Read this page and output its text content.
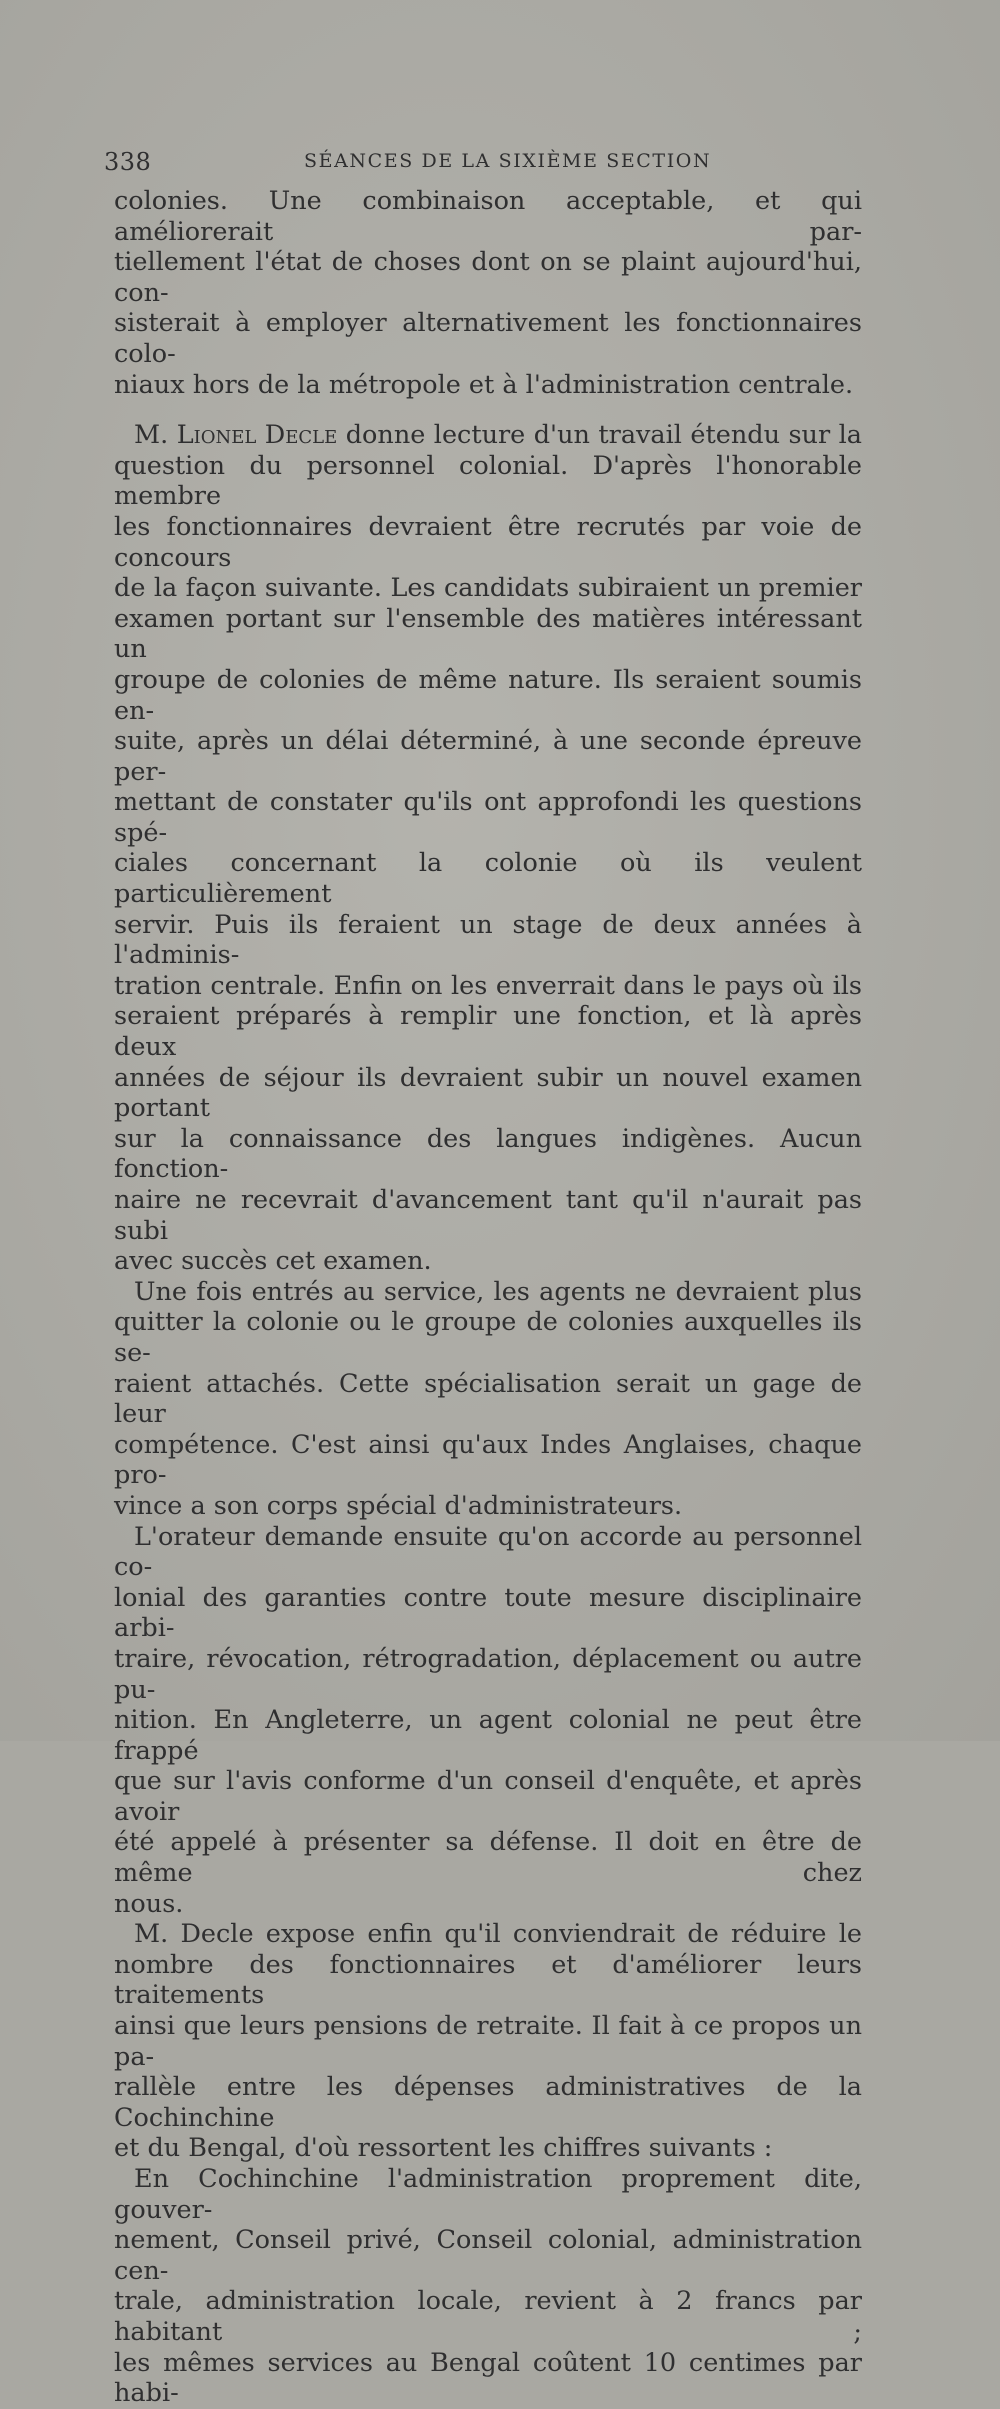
338	SÉANCES DE LA SIXIÈME SECTION

colonies. Une combinaison acceptable, et qui améliorerait par-

tiellement l'état de choses dont on se plaint aujourd'hui, con-

sisterait à employer alternativement les fonctionnaires colo-

niaux hors de la métropole et à l'administration centrale.

M. Lionel Decle donne lecture d'un travail étendu sur la

question du personnel colonial. D'après l'honorable membre

les fonctionnaires devraient être recrutés par voie de concours

de la façon suivante. Les candidats subiraient un premier

examen portant sur l'ensemble des matières intéressant un

groupe de colonies de même nature. Ils seraient soumis en-

suite, après un délai déterminé, à une seconde épreuve per-

mettant de constater qu'ils ont approfondi les questions spé-

ciales concernant la colonie où ils veulent particulièrement

servir. Puis ils feraient un stage de deux années à l'adminis-

tration centrale. Enfin on les enverrait dans le pays où ils

seraient préparés à remplir une fonction, et là après deux

années de séjour ils devraient subir un nouvel examen portant

sur la connaissance des langues indigènes. Aucun fonction-

naire ne recevrait d'avancement tant qu'il n'aurait pas subi

avec succès cet examen.

Une fois entrés au service, les agents ne devraient plus

quitter la colonie ou le groupe de colonies auxquelles ils se-

raient attachés. Cette spécialisation serait un gage de leur

compétence. C'est ainsi qu'aux Indes Anglaises, chaque pro-

vince a son corps spécial d'administrateurs.

L'orateur demande ensuite qu'on accorde au personnel co-

lonial des garanties contre toute mesure disciplinaire arbi-

traire, révocation, rétrogradation, déplacement ou autre pu-

nition. En Angleterre, un agent colonial ne peut être frappé

que sur l'avis conforme d'un conseil d'enquête, et après avoir

été appelé à présenter sa défense. Il doit en être de même chez

nous.

M. Decle expose enfin qu'il conviendrait de réduire le

nombre des fonctionnaires et d'améliorer leurs traitements

ainsi que leurs pensions de retraite. Il fait à ce propos un pa-

rallèle entre les dépenses administratives de la Cochinchine

et du Bengal, d'où ressortent les chiffres suivants :

En Cochinchine l'administration proprement dite, gouver-

nement, Conseil privé, Conseil colonial, administration cen-

trale, administration locale, revient à 2 francs par habitant ;

les mêmes services au Bengal coûtent 10 centimes par habi-
